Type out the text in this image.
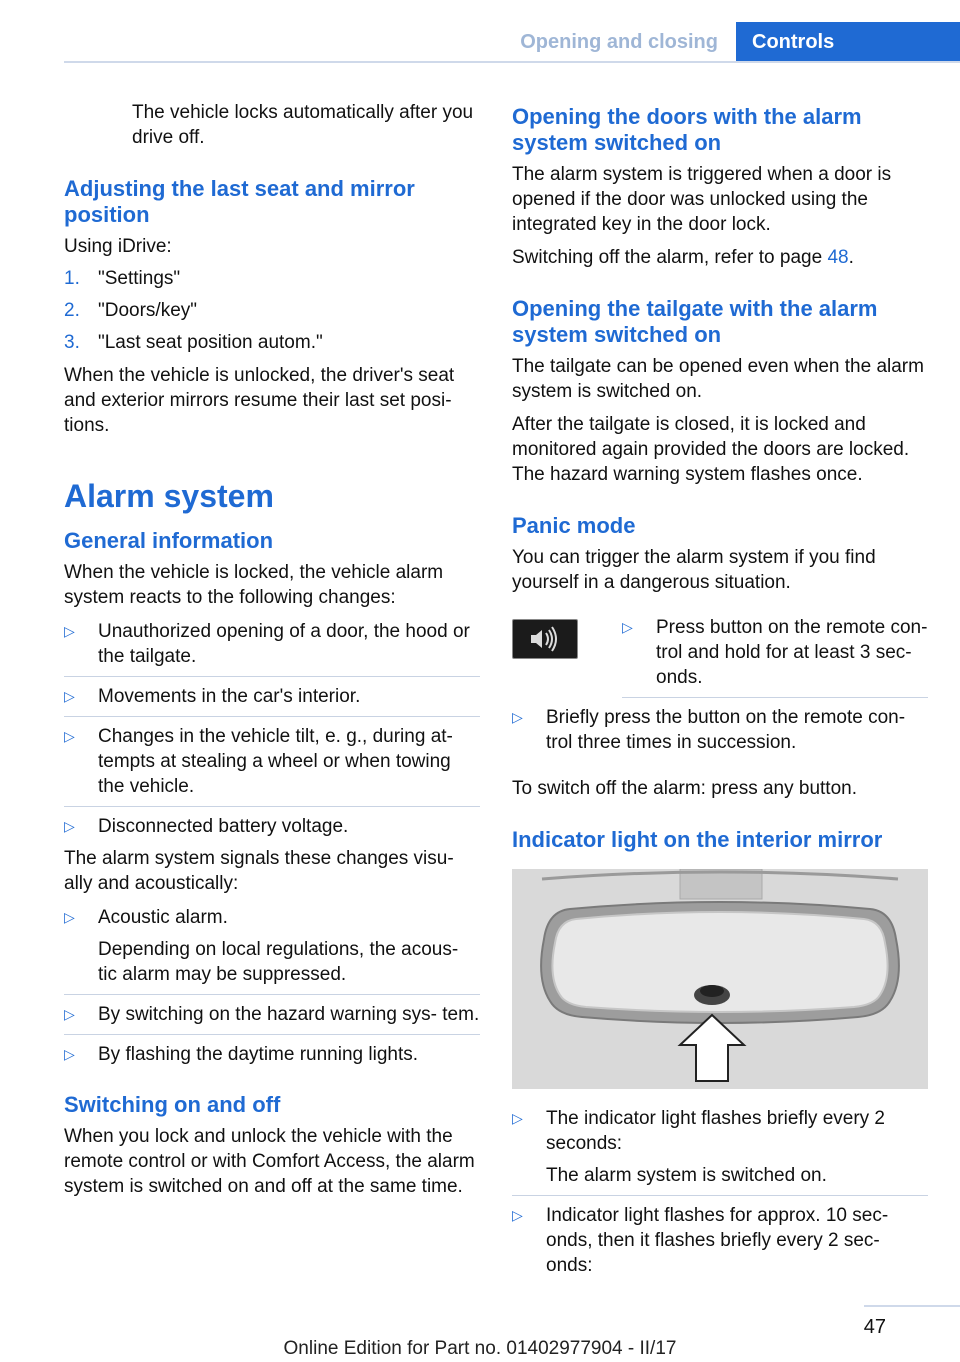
Opening and closing	Controls

The vehicle locks automatically after you drive off.

Adjusting the last seat and mirror position

Using iDrive:

1. "Settings"
2. "Doors/key"
3. "Last seat position autom."

When the vehicle is unlocked, the driver's seat and exterior mirrors resume their last set posi‐ tions.

Alarm system
General information

When the vehicle is locked, the vehicle alarm system reacts to the following changes:

▷ Unauthorized opening of a door, the hood or the tailgate.
▷ Movements in the car's interior.
▷ Changes in the vehicle tilt, e. g., during at‐ tempts at stealing a wheel or when towing the vehicle.
▷ Disconnected battery voltage.

The alarm system signals these changes visu‐ ally and acoustically:

▷ Acoustic alarm.
Depending on local regulations, the acous‐ tic alarm may be suppressed.
▷ By switching on the hazard warning sys‐ tem.
▷ By flashing the daytime running lights.
Switching on and off

When you lock and unlock the vehicle with the remote control or with Comfort Access, the alarm system is switched on and off at the same time.

Opening the doors with the alarm system switched on

The alarm system is triggered when a door is opened if the door was unlocked using the integrated key in the door lock.

Switching off the alarm, refer to page 48.

Opening the tailgate with the alarm system switched on

The tailgate can be opened even when the alarm system is switched on.

After the tailgate is closed, it is locked and monitored again provided the doors are locked. The hazard warning system flashes once.

Panic mode

You can trigger the alarm system if you find yourself in a dangerous situation.

▷ Press button on the remote con‐ trol and hold for at least 3 sec‐ onds.
▷ Briefly press the button on the remote con‐ trol three times in succession.

To switch off the alarm: press any button.

Indicator light on the interior mirror
▷ The indicator light flashes briefly every 2 seconds:
The alarm system is switched on.
▷ Indicator light flashes for approx. 10 sec‐ onds, then it flashes briefly every 2 sec‐ onds:
47
Online Edition for Part no. 01402977904 - II/17
